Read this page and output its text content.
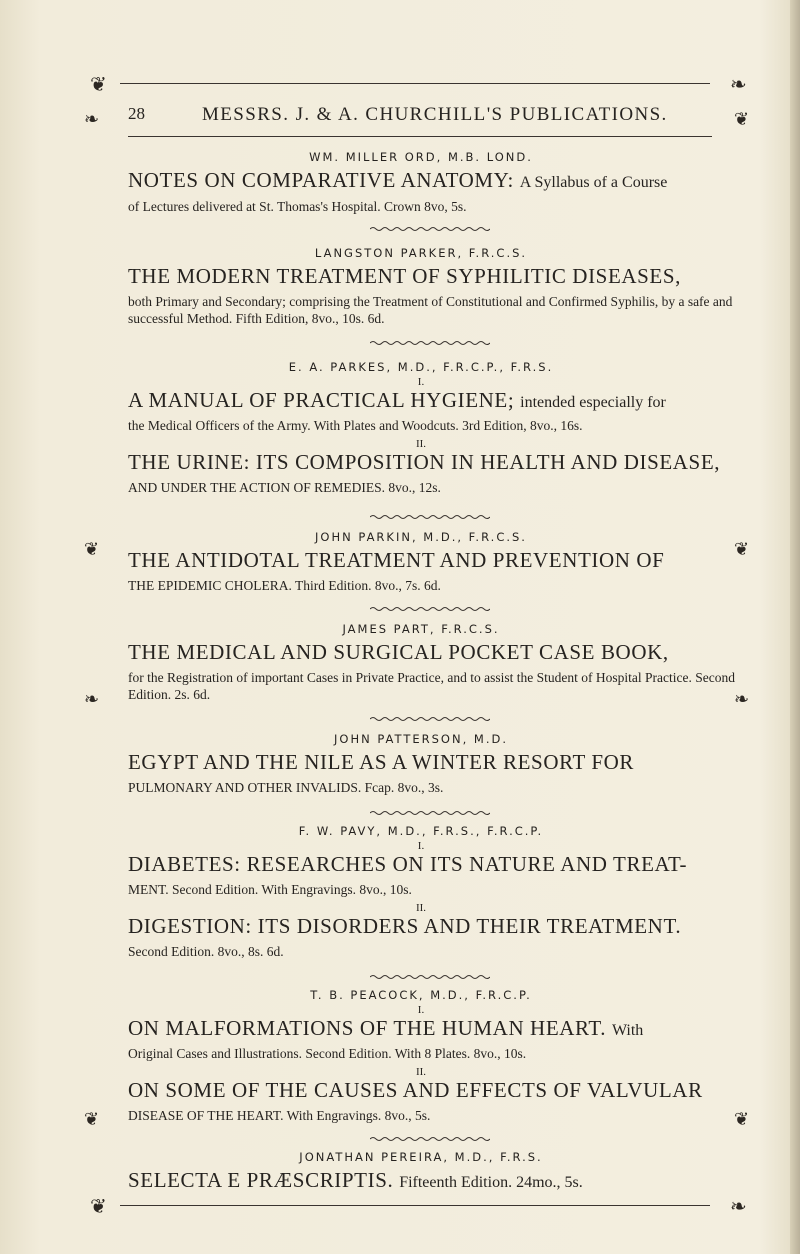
❦	❧
28	MESSRS. J. & A. CHURCHILL'S PUBLICATIONS.
❧	❦
❦	❦
❧	❧
❦	❦
WM. MILLER ORD, M.B. LOND.
NOTES ON COMPARATIVE ANATOMY: A Syllabus of a Course
of Lectures delivered at St. Thomas's Hospital. Crown 8vo, 5s.
LANGSTON PARKER, F.R.C.S.
THE MODERN TREATMENT OF SYPHILITIC DISEASES,
both Primary and Secondary; comprising the Treatment of Constitutional and Confirmed Syphilis, by a safe and successful Method. Fifth Edition, 8vo., 10s. 6d.
E. A. PARKES, M.D., F.R.C.P., F.R.S.
I.
A MANUAL OF PRACTICAL HYGIENE; intended especially for
the Medical Officers of the Army. With Plates and Woodcuts. 3rd Edition, 8vo., 16s.
II.
THE URINE: ITS COMPOSITION IN HEALTH AND DISEASE,
AND UNDER THE ACTION OF REMEDIES. 8vo., 12s.
JOHN PARKIN, M.D., F.R.C.S.
THE ANTIDOTAL TREATMENT AND PREVENTION OF
THE EPIDEMIC CHOLERA. Third Edition. 8vo., 7s. 6d.
JAMES PART, F.R.C.S.
THE MEDICAL AND SURGICAL POCKET CASE BOOK,
for the Registration of important Cases in Private Practice, and to assist the Student of Hospital Practice. Second Edition. 2s. 6d.
JOHN PATTERSON, M.D.
EGYPT AND THE NILE AS A WINTER RESORT FOR
PULMONARY AND OTHER INVALIDS. Fcap. 8vo., 3s.
F. W. PAVY, M.D., F.R.S., F.R.C.P.
I.
DIABETES: RESEARCHES ON ITS NATURE AND TREAT-
MENT. Second Edition. With Engravings. 8vo., 10s.
II.
DIGESTION: ITS DISORDERS AND THEIR TREATMENT.
Second Edition. 8vo., 8s. 6d.
T. B. PEACOCK, M.D., F.R.C.P.
I.
ON MALFORMATIONS OF THE HUMAN HEART. With
Original Cases and Illustrations. Second Edition. With 8 Plates. 8vo., 10s.
II.
ON SOME OF THE CAUSES AND EFFECTS OF VALVULAR
DISEASE OF THE HEART. With Engravings. 8vo., 5s.
JONATHAN PEREIRA, M.D., F.R.S.
SELECTA E PRÆSCRIPTIS. Fifteenth Edition. 24mo., 5s.
❦	❧
